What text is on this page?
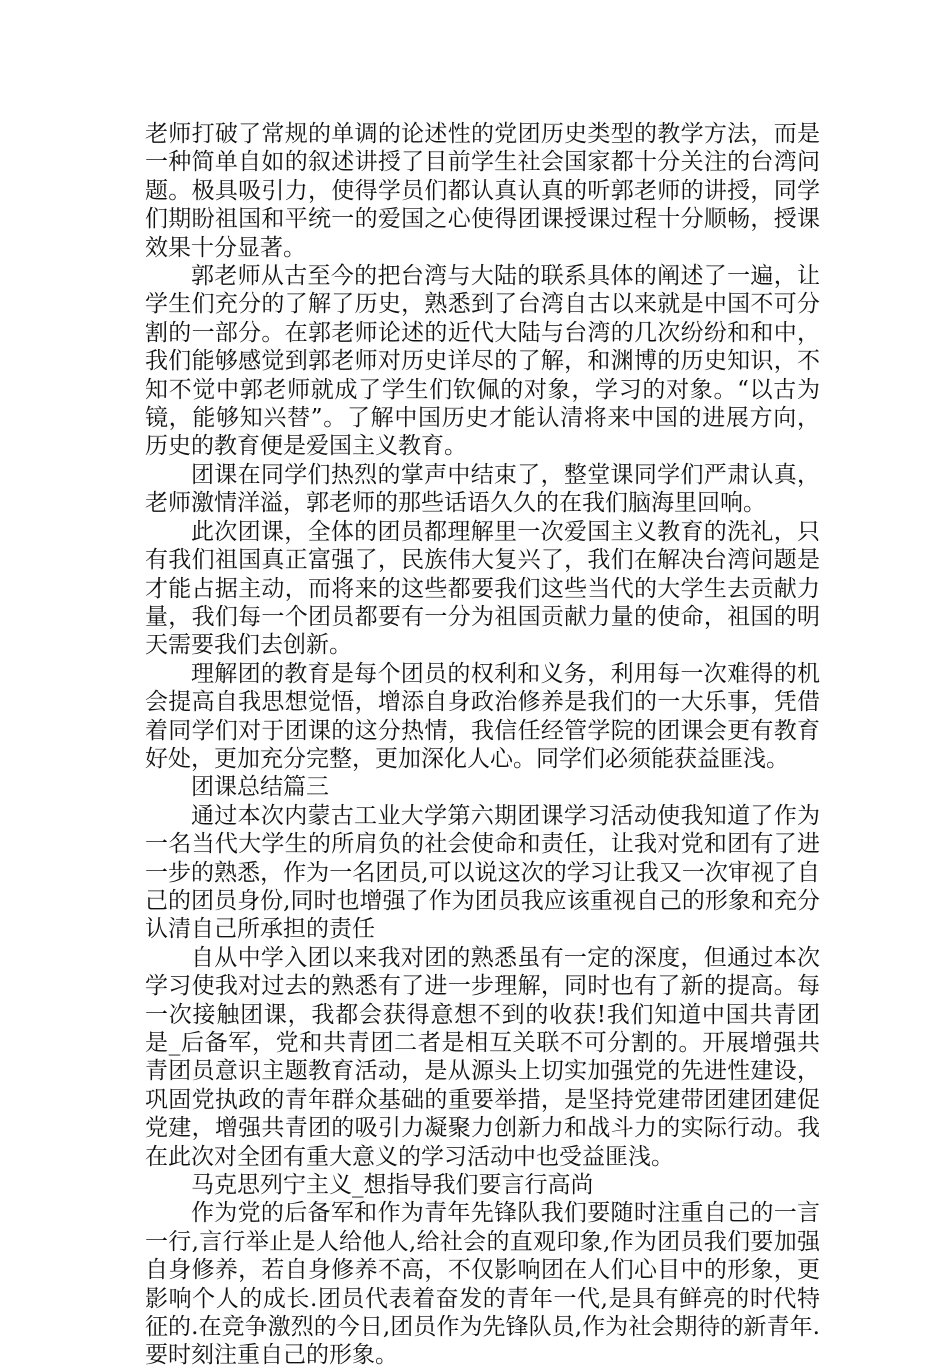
老师打破了常规的单调的论述性的党团历史类型的教学方法，而是一种简单自如的叙述讲授了目前学生社会国家都十分关注的台湾问题。极具吸引力，使得学员们都认真认真的听郭老师的讲授，同学们期盼祖国和平统一的爱国之心使得团课授课过程十分顺畅，授课效果十分显著。

郭老师从古至今的把台湾与大陆的联系具体的阐述了一遍，让学生们充分的了解了历史，熟悉到了台湾自古以来就是中国不可分割的一部分。在郭老师论述的近代大陆与台湾的几次纷纷和和中，我们能够感觉到郭老师对历史详尽的了解，和渊博的历史知识，不知不觉中郭老师就成了学生们钦佩的对象，学习的对象。“以古为镜，能够知兴替”。了解中国历史才能认清将来中国的进展方向，历史的教育便是爱国主义教育。

团课在同学们热烈的掌声中结束了，整堂课同学们严肃认真，老师激情洋溢，郭老师的那些话语久久的在我们脑海里回响。

此次团课，全体的团员都理解里一次爱国主义教育的洗礼，只有我们祖国真正富强了，民族伟大复兴了，我们在解决台湾问题是才能占据主动，而将来的这些都要我们这些当代的大学生去贡献力量，我们每一个团员都要有一分为祖国贡献力量的使命，祖国的明天需要我们去创新。

理解团的教育是每个团员的权利和义务，利用每一次难得的机会提高自我思想觉悟，增添自身政治修养是我们的一大乐事，凭借着同学们对于团课的这分热情，我信任经管学院的团课会更有教育好处，更加充分完整，更加深化人心。同学们必须能获益匪浅。

团课总结篇三

通过本次内蒙古工业大学第六期团课学习活动使我知道了作为一名当代大学生的所肩负的社会使命和责任，让我对党和团有了进一步的熟悉，作为一名团员,可以说这次的学习让我又一次审视了自己的团员身份,同时也增强了作为团员我应该重视自己的形象和充分认清自己所承担的责任

自从中学入团以来我对团的熟悉虽有一定的深度，但通过本次学习使我对过去的熟悉有了进一步理解，同时也有了新的提高。每一次接触团课，我都会获得意想不到的收获!我们知道中国共青团是_后备军，党和共青团二者是相互关联不可分割的。开展增强共青团员意识主题教育活动，是从源头上切实加强党的先进性建设，巩固党执政的青年群众基础的重要举措，是坚持党建带团建团建促党建，增强共青团的吸引力凝聚力创新力和战斗力的实际行动。我在此次对全团有重大意义的学习活动中也受益匪浅。

马克思列宁主义_想指导我们要言行高尚

作为党的后备军和作为青年先锋队我们要随时注重自己的一言一行,言行举止是人给他人,给社会的直观印象,作为团员我们要加强自身修养，若自身修养不高，不仅影响团在人们心目中的形象，更影响个人的成长.团员代表着奋发的青年一代,是具有鲜亮的时代特征的.在竞争激烈的今日,团员作为先锋队员,作为社会期待的新青年.要时刻注重自己的形象。
